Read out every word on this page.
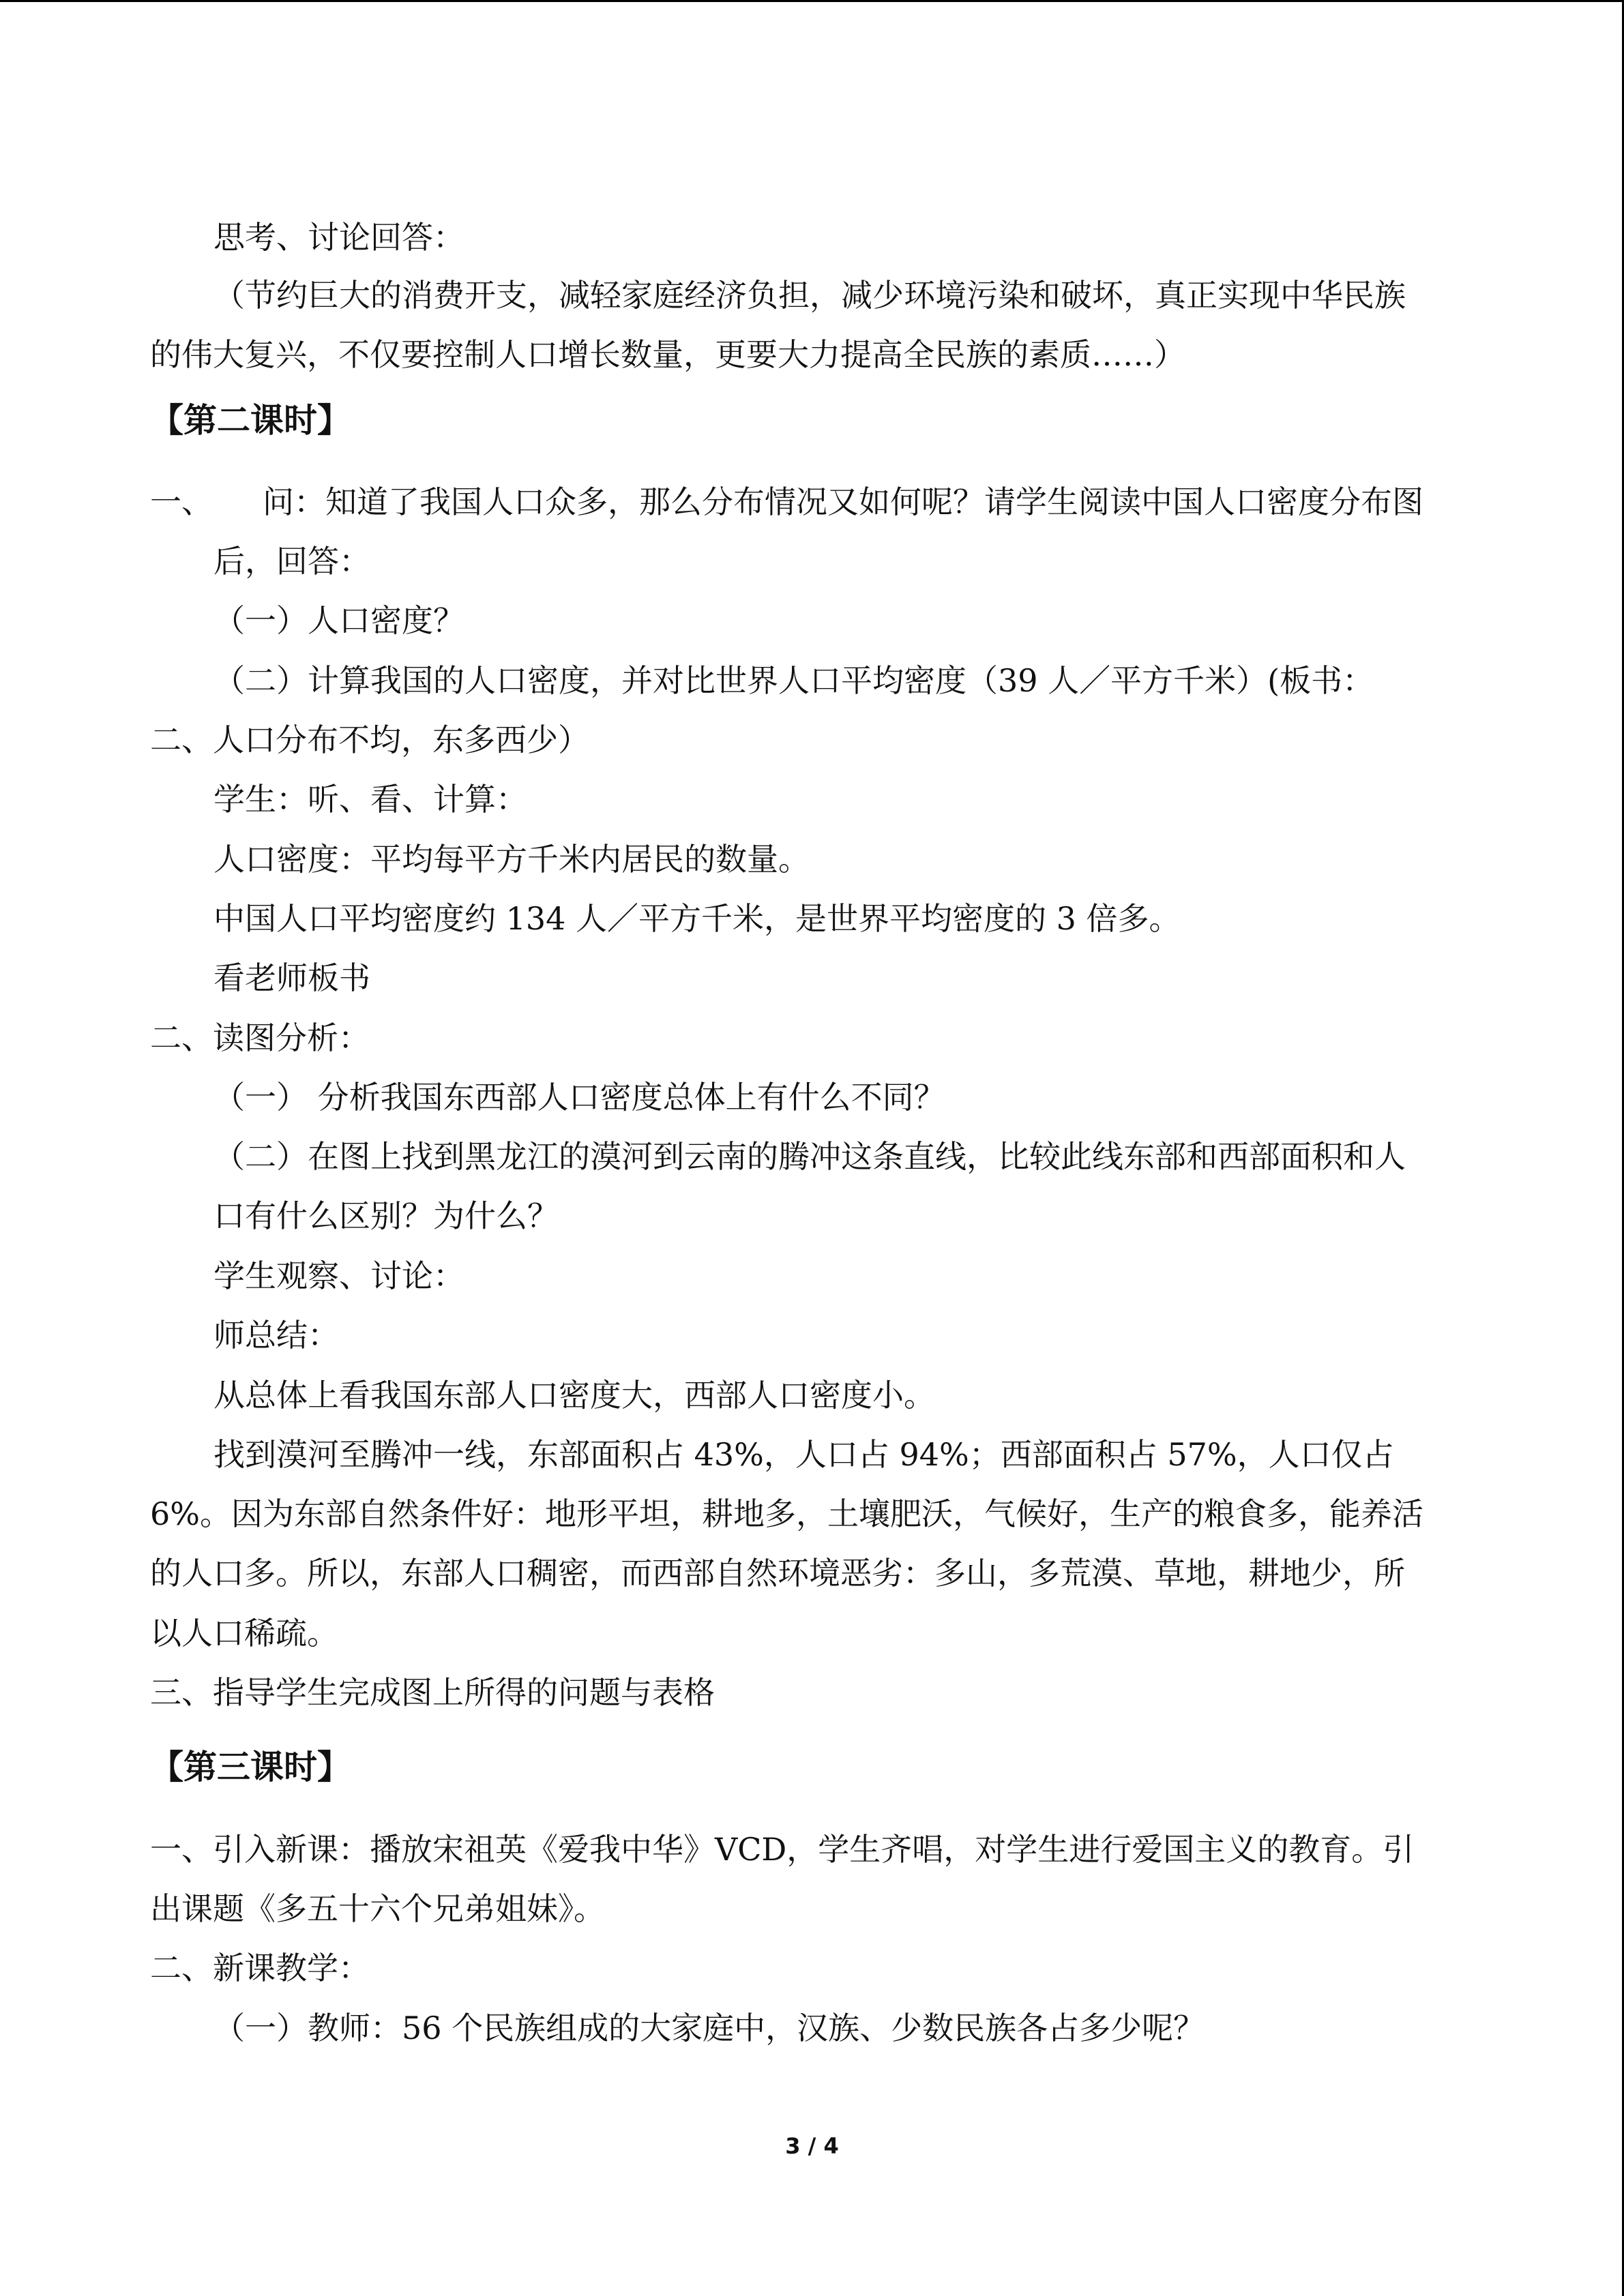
思考、讨论回答：
（节约巨大的消费开支，减轻家庭经济负担，减少环境污染和破坏，真正实现中华民族
的伟大复兴，不仅要控制人口增长数量，更要大力提高全民族的素质……）
【第二课时】
一、 问：知道了我国人口众多，那么分布情况又如何呢？请学生阅读中国人口密度分布图
后，回答：
（一）人口密度？
（二）计算我国的人口密度，并对比世界人口平均密度（39 人／平方千米）(板书：
二、人口分布不均，东多西少）
学生：听、看、计算：
人口密度：平均每平方千米内居民的数量。
中国人口平均密度约 134 人／平方千米，是世界平均密度的 3 倍多。
看老师板书
二、读图分析：
（一） 分析我国东西部人口密度总体上有什么不同？
（二）在图上找到黑龙江的漠河到云南的腾冲这条直线，比较此线东部和西部面积和人
口有什么区别？为什么？
学生观察、讨论：
师总结：
从总体上看我国东部人口密度大，西部人口密度小。
找到漠河至腾冲一线，东部面积占 43%，人口占 94%；西部面积占 57%，人口仅占
6%。因为东部自然条件好：地形平坦，耕地多，土壤肥沃，气候好，生产的粮食多，能养活
的人口多。所以，东部人口稠密，而西部自然环境恶劣：多山，多荒漠、草地，耕地少，所
以人口稀疏。
三、指导学生完成图上所得的问题与表格
【第三课时】
一、引入新课：播放宋祖英《爱我中华》VCD，学生齐唱，对学生进行爱国主义的教育。引
出课题《多五十六个兄弟姐妹》。
二、新课教学：
（一）教师：56 个民族组成的大家庭中，汉族、少数民族各占多少呢？
3 / 4
